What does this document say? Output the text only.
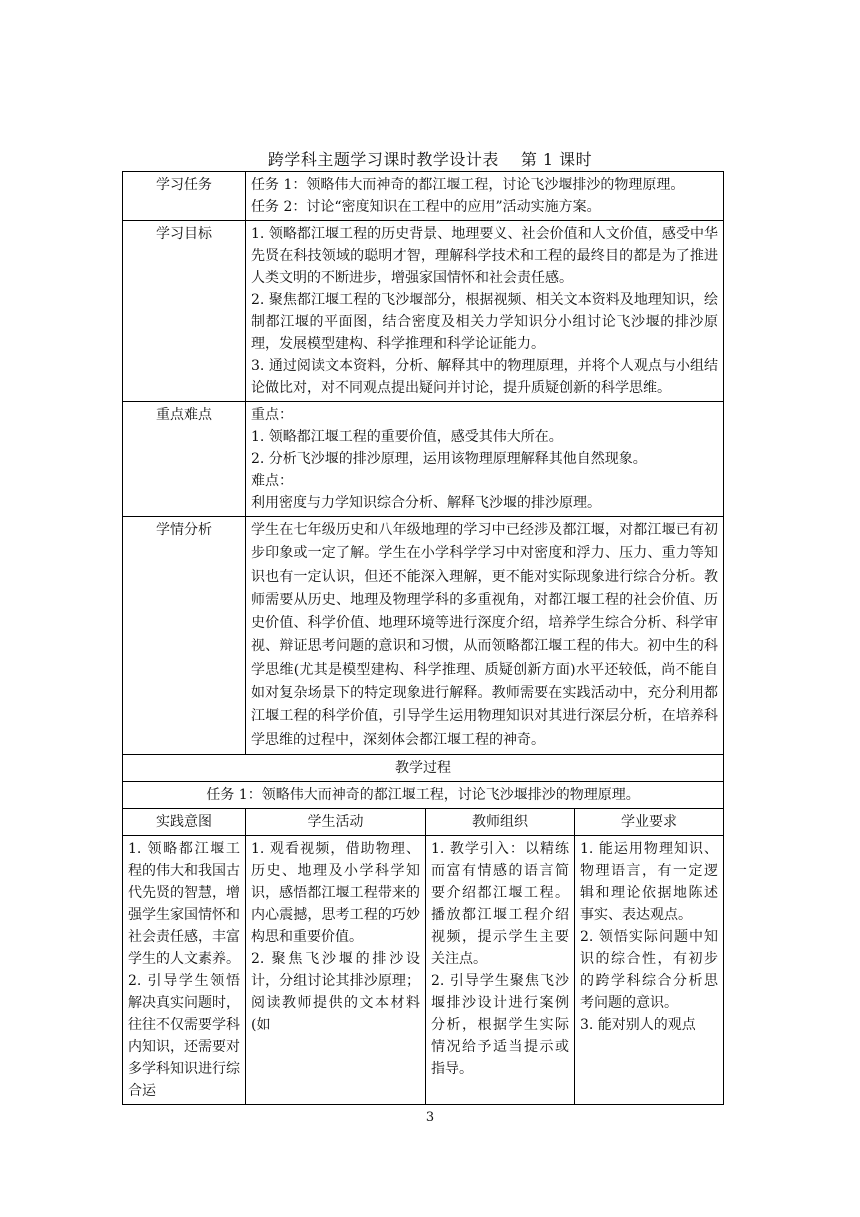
跨学科主题学习课时教学设计表 第 1 课时
学习任务	任务 1：领略伟大而神奇的都江堰工程，讨论飞沙堰排沙的物理原理。

任务 2：讨论“密度知识在工程中的应用”活动实施方案。		

学习目标	1. 领略都江堰工程的历史背景、地理要义、社会价值和人文价值，感受中华先贤在科技领域的聪明才智，理解科学技术和工程的最终目的都是为了推进人类文明的不断进步，增强家国情怀和社会责任感。

2. 聚焦都江堰工程的飞沙堰部分，根据视频、相关文本资料及地理知识，绘制都江堰的平面图，结合密度及相关力学知识分小组讨论飞沙堰的排沙原理，发展模型建构、科学推理和科学论证能力。

3. 通过阅读文本资料，分析、解释其中的物理原理，并将个人观点与小组结论做比对，对不同观点提出疑问并讨论，提升质疑创新的科学思维。		

重点难点	重点：

1. 领略都江堰工程的重要价值，感受其伟大所在。

2. 分析飞沙堰的排沙原理，运用该物理原理解释其他自然现象。

难点：

利用密度与力学知识综合分析、解释飞沙堰的排沙原理。		

学情分析	学生在七年级历史和八年级地理的学习中已经涉及都江堰，对都江堰已有初步印象或一定了解。学生在小学科学学习中对密度和浮力、压力、重力等知识也有一定认识，但还不能深入理解，更不能对实际现象进行综合分析。教师需要从历史、地理及物理学科的多重视角，对都江堰工程的社会价值、历史价值、科学价值、地理环境等进行深度介绍，培养学生综合分析、科学审视、辩证思考问题的意识和习惯，从而领略都江堰工程的伟大。初中生的科学思维(尤其是模型建构、科学推理、质疑创新方面)水平还较低，尚不能自如对复杂场景下的特定现象进行解释。教师需要在实践活动中，充分利用都江堰工程的科学价值，引导学生运用物理知识对其进行深层分析，在培养科学思维的过程中，深刻体会都江堰工程的神奇。		
教学过程			
任务 1：领略伟大而神奇的都江堰工程，讨论飞沙堰排沙的物理原理。			
实践意图	学生活动	教师组织	学业要求
1. 领略都江堰工程的伟大和我国古代先贤的智慧，增强学生家国情怀和社会责任感，丰富学生的人文素养。
2. 引导学生领悟解决真实问题时，往往不仅需要学科内知识，还需要对多学科知识进行综合运	1. 观看视频，借助物理、历史、地理及小学科学知识，感悟都江堰工程带来的内心震撼，思考工程的巧妙构思和重要价值。
2. 聚焦飞沙堰的排沙设计，分组讨论其排沙原理；阅读教师提供的文本材料(如	1. 教学引入：以精练而富有情感的语言简要介绍都江堰工程。播放都江堰工程介绍视频，提示学生主要关注点。
2. 引导学生聚焦飞沙堰排沙设计进行案例分析，根据学生实际情况给予适当提示或指导。	1. 能运用物理知识、物理语言，有一定逻辑和理论依据地陈述事实、表达观点。
2. 领悟实际问题中知识的综合性，有初步的跨学科综合分析思考问题的意识。
3. 能对别人的观点
3
